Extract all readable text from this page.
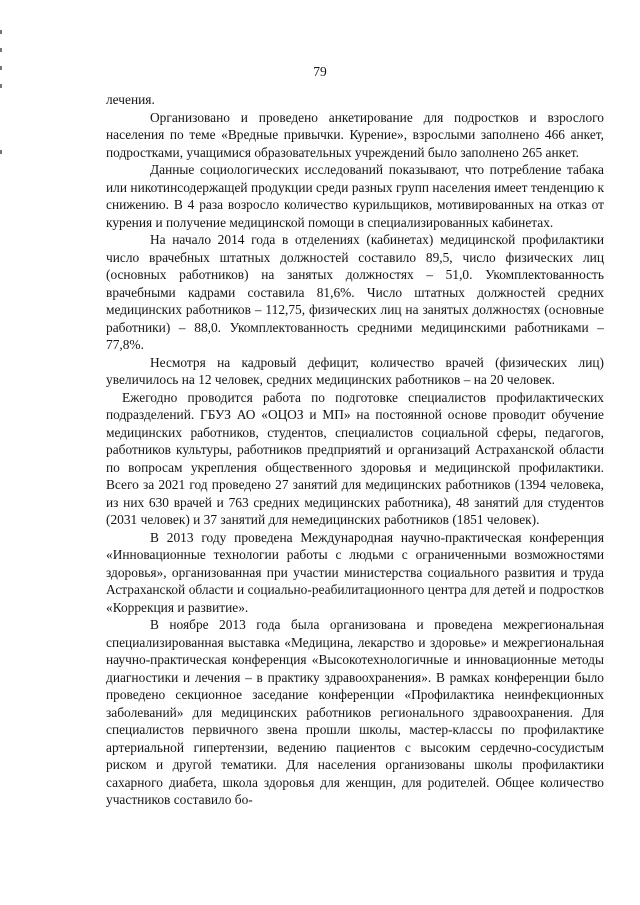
79

лечения.

Организовано и проведено анкетирование для подростков и взрослого населения по теме «Вредные привычки. Курение», взрослыми заполнено 466 анкет, подростками, учащимися образовательных учреждений было заполнено 265 анкет.

Данные социологических исследований показывают, что потребление табака или никотинсодержащей продукции среди разных групп населения имеет тенденцию к снижению. В 4 раза возросло количество курильщиков, мотивированных на отказ от курения и получение медицинской помощи в специализированных кабинетах.

На начало 2014 года в отделениях (кабинетах) медицинской профилактики число врачебных штатных должностей составило 89,5, число физических лиц (основных работников) на занятых должностях – 51,0. Укомплектованность врачебными кадрами составила 81,6%. Число штатных должностей средних медицинских работников – 112,75, физических лиц на занятых должностях (основные работники) – 88,0. Укомплектованность средними медицинскими работниками – 77,8%.

Несмотря на кадровый дефицит, количество врачей (физических лиц) увеличилось на 12 человек, средних медицинских работников – на 20 человек.

Ежегодно проводится работа по подготовке специалистов профилактических подразделений. ГБУЗ АО «ОЦОЗ и МП» на постоянной основе проводит обучение медицинских работников, студентов, специалистов социальной сферы, педагогов, работников культуры, работников предприятий и организаций Астраханской области по вопросам укрепления общественного здоровья и медицинской профилактики. Всего за 2021 год проведено 27 занятий для медицинских работников (1394 человека, из них 630 врачей и 763 средних медицинских работника), 48 занятий для студентов (2031 человек) и 37 занятий для немедицинских работников (1851 человек).

В 2013 году проведена Международная научно-практическая конференция «Инновационные технологии работы с людьми с ограниченными возможностями здоровья», организованная при участии министерства социального развития и труда Астраханской области и социально-реабилитационного центра для детей и подростков «Коррекция и развитие».

В ноябре 2013 года была организована и проведена межрегиональная специализированная выставка «Медицина, лекарство и здоровье» и межрегиональная научно-практическая конференция «Высокотехнологичные и инновационные методы диагностики и лечения – в практику здравоохранения». В рамках конференции было проведено секционное заседание конференции «Профилактика неинфекционных заболеваний» для медицинских работников регионального здравоохранения. Для специалистов первичного звена прошли школы, мастер-классы по профилактике артериальной гипертензии, ведению пациентов с высоким сердечно-сосудистым риском и другой тематики. Для населения организованы школы профилактики сахарного диабета, школа здоровья для женщин, для родителей. Общее количество участников составило бо-
